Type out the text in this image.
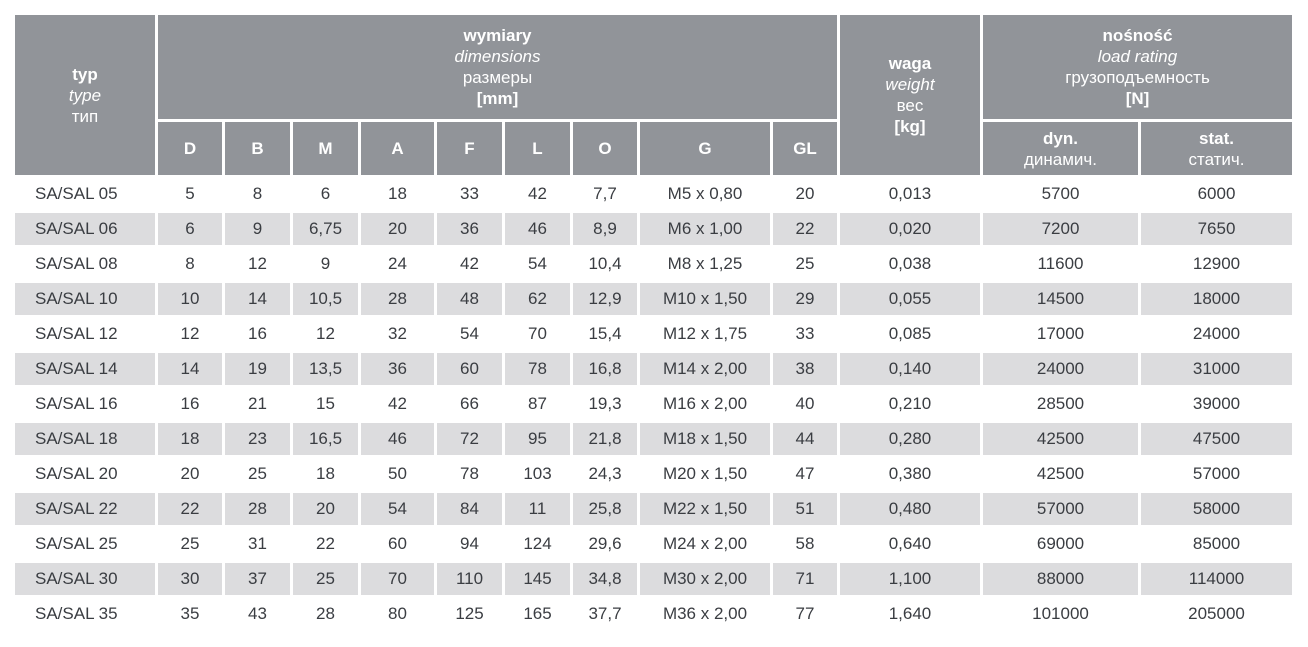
typ
type
тип	wymiary
dimensions
размеры
[mm]									waga
weight
вес
[kg]	nośność
load rating
грузоподъемность
[N]	

	D	B	M	A	F	L	O	G	GL		dyn.
динамич.	stat.
статич.

SA/SAL 05	5	8	6	18	33	42	7,7	M5 x 0,80	20	0,013	5700	6000
SA/SAL 06	6	9	6,75	20	36	46	8,9	M6 x 1,00	22	0,020	7200	7650
SA/SAL 08	8	12	9	24	42	54	10,4	M8 x 1,25	25	0,038	11600	12900
SA/SAL 10	10	14	10,5	28	48	62	12,9	M10 x 1,50	29	0,055	14500	18000
SA/SAL 12	12	16	12	32	54	70	15,4	M12 x 1,75	33	0,085	17000	24000
SA/SAL 14	14	19	13,5	36	60	78	16,8	M14 x 2,00	38	0,140	24000	31000
SA/SAL 16	16	21	15	42	66	87	19,3	M16 x 2,00	40	0,210	28500	39000
SA/SAL 18	18	23	16,5	46	72	95	21,8	M18 x 1,50	44	0,280	42500	47500
SA/SAL 20	20	25	18	50	78	103	24,3	M20 x 1,50	47	0,380	42500	57000
SA/SAL 22	22	28	20	54	84	11	25,8	M22 x 1,50	51	0,480	57000	58000
SA/SAL 25	25	31	22	60	94	124	29,6	M24 x 2,00	58	0,640	69000	85000
SA/SAL 30	30	37	25	70	110	145	34,8	M30 x 2,00	71	1,100	88000	114000
SA/SAL 35	35	43	28	80	125	165	37,7	M36 x 2,00	77	1,640	101000	205000
